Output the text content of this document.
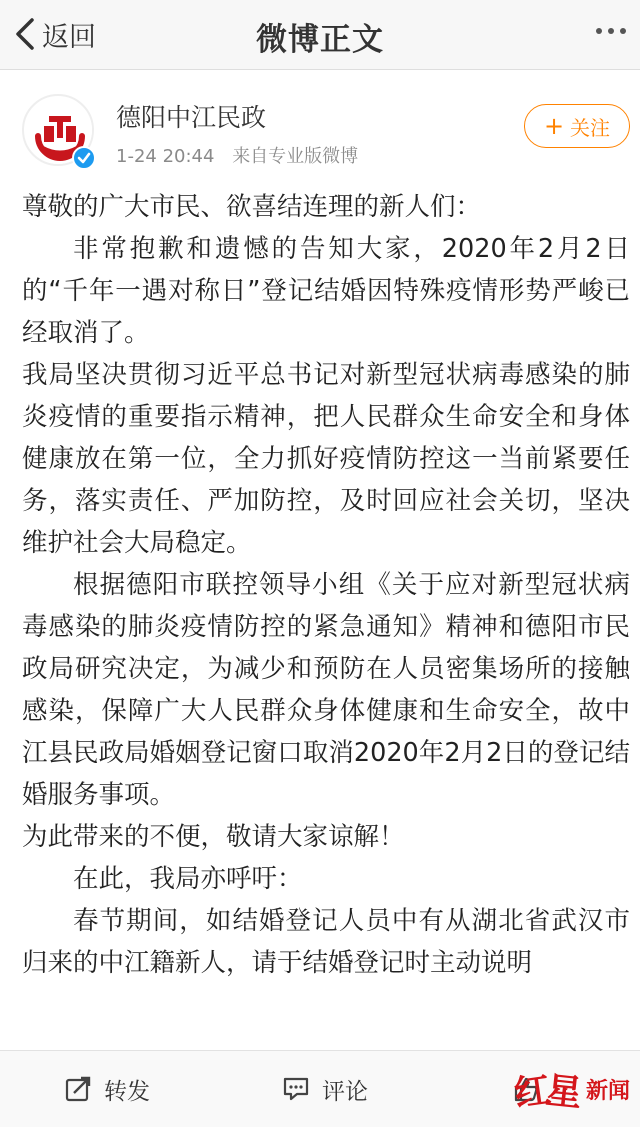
返回	微博正文
德阳中江民政
1-24 20:44 来自专业版微博
+ 关注

尊敬的广大市民、欲喜结连理的新人们：

非常抱歉和遗憾的告知大家，2020年2月2日的“千年一遇对称日”登记结婚因特殊疫情形势严峻已经取消了。

我局坚决贯彻习近平总书记对新型冠状病毒感染的肺炎疫情的重要指示精神，把人民群众生命安全和身体健康放在第一位，全力抓好疫情防控这一当前紧要任务，落实责任、严加防控，及时回应社会关切，坚决维护社会大局稳定。

根据德阳市联控领导小组《关于应对新型冠状病毒感染的肺炎疫情防控的紧急通知》精神和德阳市民政局研究决定，为减少和预防在人员密集场所的接触感染，保障广大人民群众身体健康和生命安全，故中江县民政局婚姻登记窗口取消2020年2月2日的登记结婚服务事项。

为此带来的不便，敬请大家谅解！

在此，我局亦呼吁：

春节期间，如结婚登记人员中有从湖北省武汉市归来的中江籍新人，请于结婚登记时主动说明

转发	评论	红
星 新闻
